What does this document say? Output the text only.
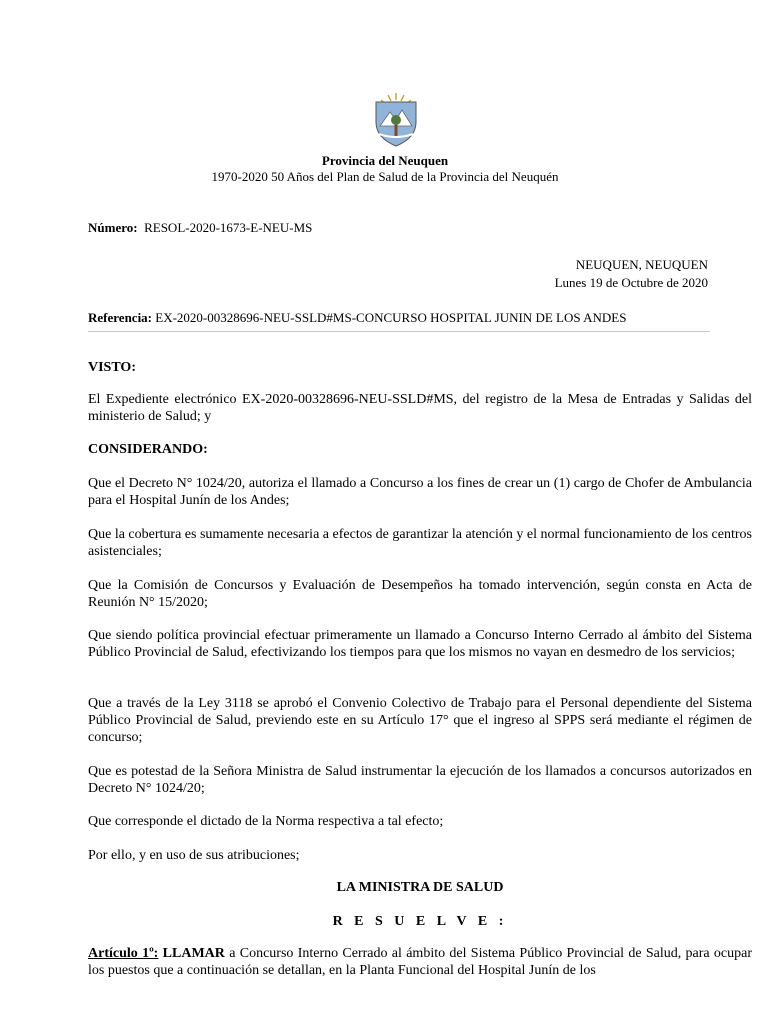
Provincia del Neuquen
1970-2020 50 Años del Plan de Salud de la Provincia del Neuquén
Número: RESOL-2020-1673-E-NEU-MS
NEUQUEN, NEUQUEN
Lunes 19 de Octubre de 2020
Referencia: EX-2020-00328696-NEU-SSLD#MS-CONCURSO HOSPITAL JUNIN DE LOS ANDES
VISTO:
El Expediente electrónico EX-2020-00328696-NEU-SSLD#MS, del registro de la Mesa de Entradas y Salidas del ministerio de Salud; y
CONSIDERANDO:
Que el Decreto N° 1024/20, autoriza el llamado a Concurso a los fines de crear un (1) cargo de Chofer de Ambulancia para el Hospital Junín de los Andes;
Que la cobertura es sumamente necesaria a efectos de garantizar la atención y el normal funcionamiento de los centros asistenciales;
Que la Comisión de Concursos y Evaluación de Desempeños ha tomado intervención, según consta en Acta de Reunión N° 15/2020;
Que siendo política provincial efectuar primeramente un llamado a Concurso Interno Cerrado al ámbito del Sistema Público Provincial de Salud, efectivizando los tiempos para que los mismos no vayan en desmedro de los servicios;
Que a través de la Ley 3118 se aprobó el Convenio Colectivo de Trabajo para el Personal dependiente del Sistema Público Provincial de Salud, previendo este en su Artículo 17° que el ingreso al SPPS será mediante el régimen de concurso;
Que es potestad de la Señora Ministra de Salud instrumentar la ejecución de los llamados a concursos autorizados en Decreto N° 1024/20;
Que corresponde el dictado de la Norma respectiva a tal efecto;
Por ello, y en uso de sus atribuciones;
LA MINISTRA DE SALUD
R E S U E L V E :
Artículo 1º: LLAMAR a Concurso Interno Cerrado al ámbito del Sistema Público Provincial de Salud, para ocupar los puestos que a continuación se detallan, en la Planta Funcional del Hospital Junín de los
